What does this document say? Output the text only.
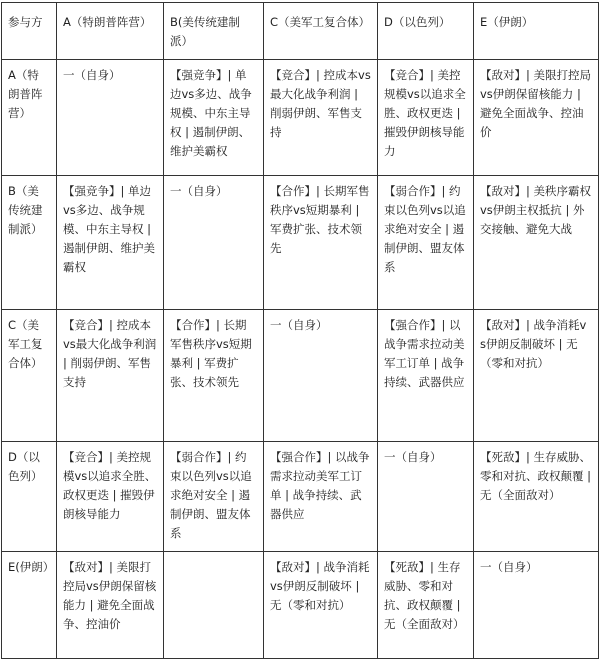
参与方	A（特朗普阵营）	B(美传统建制派）	C（美军工复合体）	D（以色列）	E（伊朗）
A（特朗普阵营）	一（自身）	【强竞争】| 单边vs多边、战争规模、中东主导权 | 遏制伊朗、维护美霸权	【竞合】| 控成本vs最大化战争利润 | 削弱伊朗、军售支持	【竞合】| 美控规模vs以追求全胜、政权更迭 | 摧毁伊朗核导能力	【敌对】| 美限打控局vs伊朗保留核能力 | 避免全面战争、控油价
B（美传统建制派）	【强竞争】| 单边vs多边、战争规模、中东主导权 | 遏制伊朗、维护美霸权	一（自身）	【合作】| 长期军售秩序vs短期暴利 | 军费扩张、技术领先	【弱合作】| 约束以色列vs以追求绝对安全 | 遏制伊朗、盟友体系	【敌对】| 美秩序霸权vs伊朗主权抵抗 | 外交接触、避免大战
C（美军工复合体）	【竞合】| 控成本vs最大化战争利润 | 削弱伊朗、军售支持	【合作】| 长期军售秩序vs短期暴利 | 军费扩张、技术领先	一（自身）	【强合作】| 以战争需求拉动美军工订单 | 战争持续、武器供应	【敌对】| 战争消耗vs伊朗反制破坏 | 无（零和对抗）
D（以色列）	【竞合】| 美控规模vs以追求全胜、政权更迭 | 摧毁伊朗核导能力	【弱合作】| 约束以色列vs以追求绝对安全 | 遏制伊朗、盟友体系	【强合作】| 以战争需求拉动美军工订单 | 战争持续、武器供应	一（自身）	【死敌】| 生存威胁、零和对抗、政权颠覆 | 无（全面敌对）
E(伊朗）	【敌对】| 美限打控局vs伊朗保留核能力 | 避免全面战争、控油价		【敌对】| 战争消耗vs伊朗反制破坏 | 无（零和对抗）	【死敌】| 生存威胁、零和对抗、政权颠覆 | 无（全面敌对）	一（自身）
